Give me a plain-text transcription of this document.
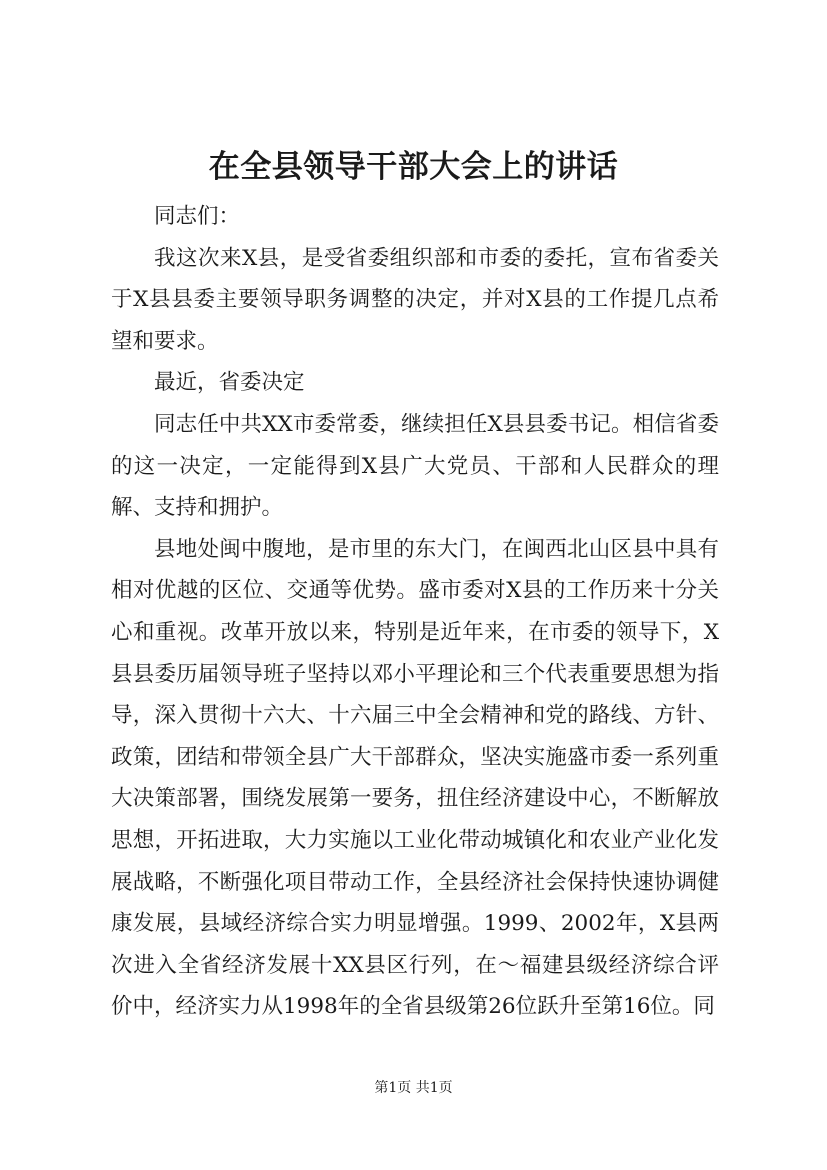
在全县领导干部大会上的讲话

同志们：

我这次来X县，是受省委组织部和市委的委托，宣布省委关于X县县委主要领导职务调整的决定，并对X县的工作提几点希望和要求。

最近，省委决定

同志任中共XX市委常委，继续担任X县县委书记。相信省委的这一决定，一定能得到X县广大党员、干部和人民群众的理解、支持和拥护。

县地处闽中腹地，是市里的东大门，在闽西北山区县中具有相对优越的区位、交通等优势。盛市委对X县的工作历来十分关心和重视。改革开放以来，特别是近年来，在市委的领导下，X县县委历届领导班子坚持以邓小平理论和三个代表重要思想为指导，深入贯彻十六大、十六届三中全会精神和党的路线、方针、政策，团结和带领全县广大干部群众，坚决实施盛市委一系列重大决策部署，围绕发展第一要务，扭住经济建设中心，不断解放思想，开拓进取，大力实施以工业化带动城镇化和农业产业化发展战略，不断强化项目带动工作，全县经济社会保持快速协调健康发展，县域经济综合实力明显增强。1999、2002年，X县两次进入全省经济发展十XX县区行列，在～福建县级经济综合评价中，经济实力从1998年的全省县级第26位跃升至第16位。同

第1页 共1页
